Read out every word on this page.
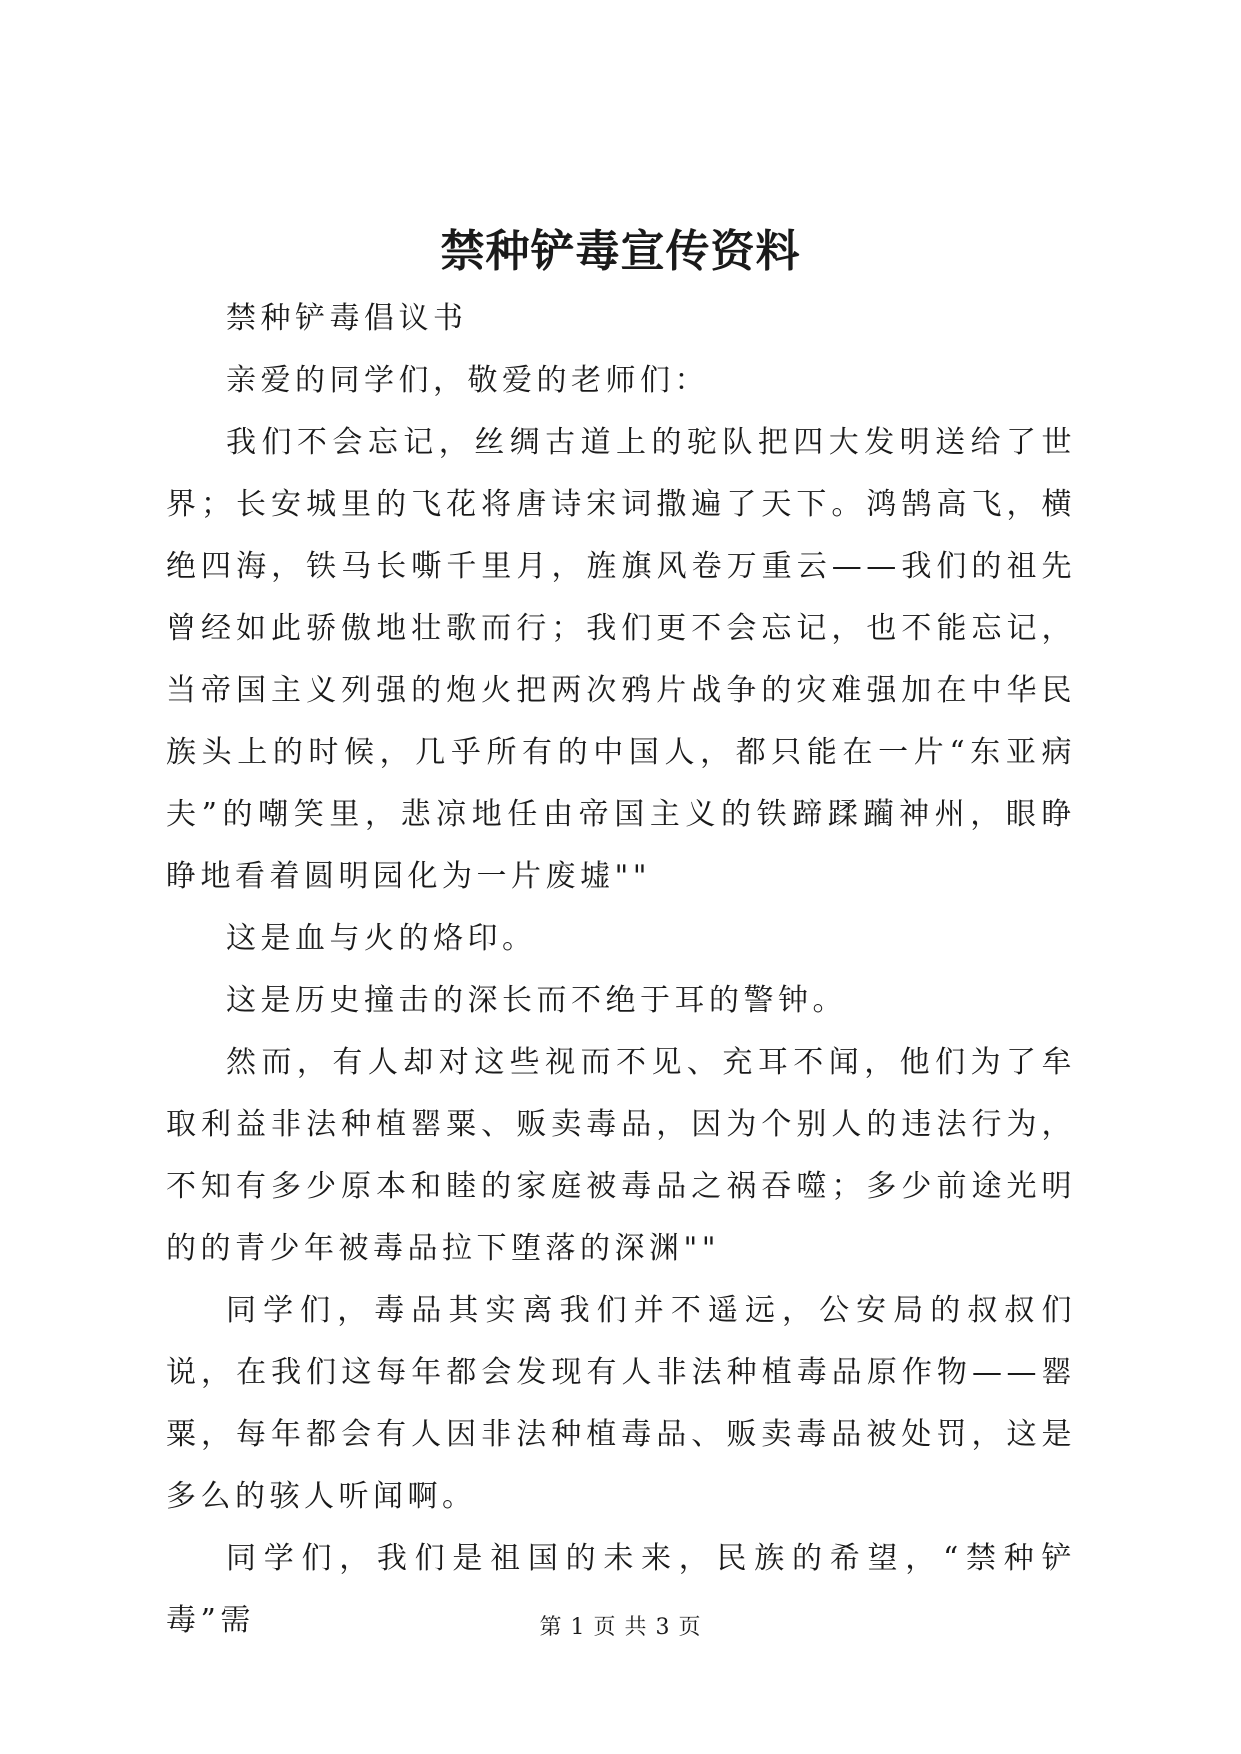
禁种铲毒宣传资料

禁种铲毒倡议书

亲爱的同学们，敬爱的老师们：

我们不会忘记，丝绸古道上的驼队把四大发明送给了世界；长安城里的飞花将唐诗宋词撒遍了天下。鸿鹄高飞，横绝四海，铁马长嘶千里月，旌旗风卷万重云——我们的祖先曾经如此骄傲地壮歌而行；我们更不会忘记，也不能忘记，当帝国主义列强的炮火把两次鸦片战争的灾难强加在中华民族头上的时候，几乎所有的中国人，都只能在一片“东亚病夫”的嘲笑里，悲凉地任由帝国主义的铁蹄蹂躏神州，眼睁睁地看着圆明园化为一片废墟""

这是血与火的烙印。

这是历史撞击的深长而不绝于耳的警钟。

然而，有人却对这些视而不见、充耳不闻，他们为了牟取利益非法种植罂粟、贩卖毒品，因为个别人的违法行为，不知有多少原本和睦的家庭被毒品之祸吞噬；多少前途光明的的青少年被毒品拉下堕落的深渊""

同学们，毒品其实离我们并不遥远，公安局的叔叔们说，在我们这每年都会发现有人非法种植毒品原作物——罂粟，每年都会有人因非法种植毒品、贩卖毒品被处罚，这是多么的骇人听闻啊。

同学们，我们是祖国的未来，民族的希望，“禁种铲毒”需	第 1 页 共 3 页
